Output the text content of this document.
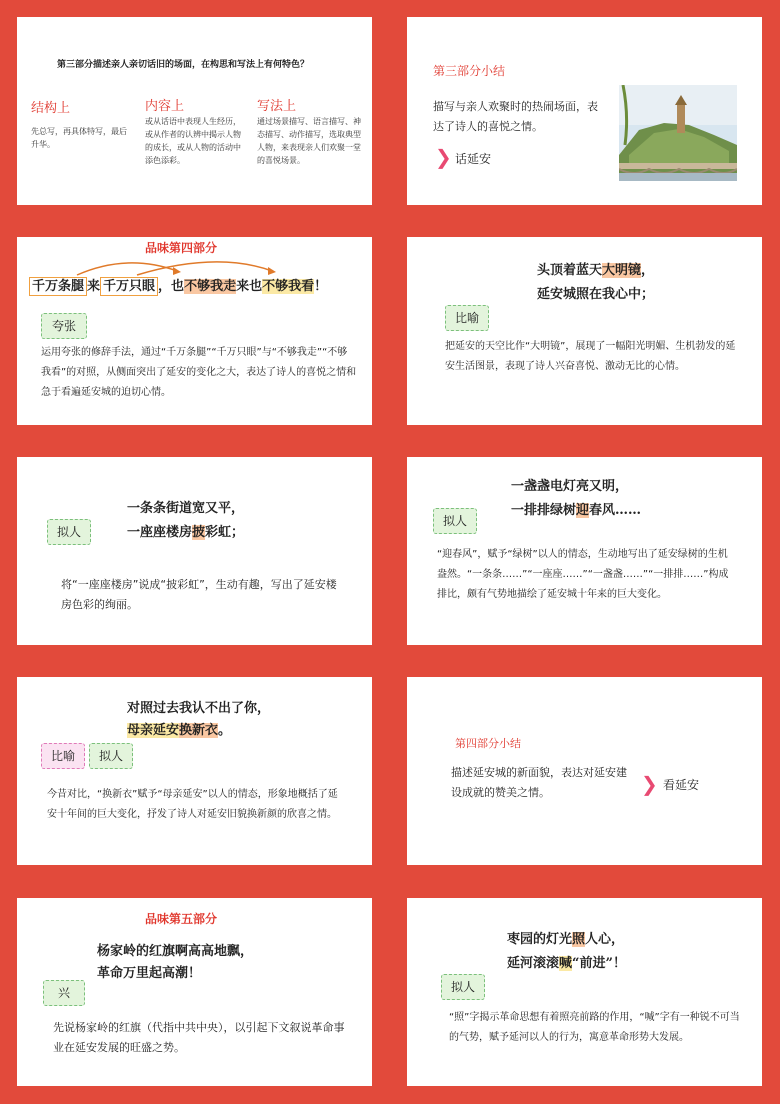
第三部分描述亲人亲切话旧的场面，在构思和写法上有何特色？
结构上
先总写，再具体特写，最后升华。
内容上
或从话语中表现人生经历，或从作者的认辨中揭示人物的成长，或从人物的活动中添色添彩。
写法上
通过场景描写、语言描写、神态描写、动作描写，选取典型人物，来表现亲人们欢聚一堂的喜悦场景。
第三部分小结
描写与亲人欢聚时的热闹场面，表达了诗人的喜悦之情。
❯ 话延安
品味第四部分
千万条腿 来 千万只眼 ，也不够我走来也不够我看！
夸张
运用夸张的修辞手法，通过“千万条腿”“千万只眼”与“不够我走”“不够我看”的对照，从侧面突出了延安的变化之大，表达了诗人的喜悦之情和急于看遍延安城的迫切心情。
头顶着蓝天大明镜，
延安城照在我心中；
比喻
把延安的天空比作“大明镜”，展现了一幅阳光明媚、生机勃发的延安生活图景，表现了诗人兴奋喜悦、激动无比的心情。
一条条街道宽又平，
一座座楼房披彩虹；
拟人
将“一座座楼房”说成“披彩虹”，生动有趣，写出了延安楼房色彩的绚丽。
一盏盏电灯亮又明，
一排排绿树迎春风……
拟人
“迎春风”，赋予“绿树”以人的情态，生动地写出了延安绿树的生机盎然。“一条条……”“一座座……”“一盏盏……”“一排排……”构成排比，颇有气势地描绘了延安城十年来的巨大变化。
对照过去我认不出了你，
母亲延安换新衣。
比喻	拟人
今昔对比，“换新衣”赋予“母亲延安”以人的情态，形象地概括了延安十年间的巨大变化，抒发了诗人对延安旧貌换新颜的欣喜之情。
第四部分小结
描述延安城的新面貌，表达对延安建设成就的赞美之情。	❯ 看延安
品味第五部分
杨家岭的红旗啊高高地飘，
革命万里起高潮！
兴
先说杨家岭的红旗（代指中共中央），以引起下文叙说革命事业在延安发展的旺盛之势。
枣园的灯光照人心，
延河滚滚喊“前进”！
拟人
“照”字揭示革命思想有着照亮前路的作用，“喊”字有一种锐不可当的气势，赋予延河以人的行为，寓意革命形势大发展。
